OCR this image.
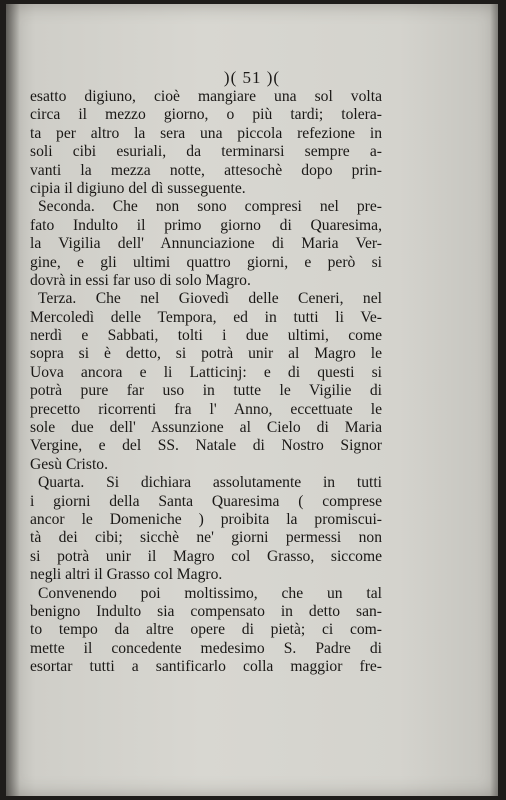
)( 51 )(
esatto digiuno, cioè mangiare una sol volta
circa il mezzo giorno, o più tardi; tolera-
ta per altro la sera una piccola refezione in
soli cibi esuriali, da terminarsi sempre a-
vanti la mezza notte, attesochè dopo prin-
cipia il digiuno del dì susseguente.
Seconda. Che non sono compresi nel pre-
fato Indulto il primo giorno di Quaresima,
la Vigilia dell' Annunciazione di Maria Ver-
gine, e gli ultimi quattro giorni, e però si
dovrà in essi far uso di solo Magro.
Terza. Che nel Giovedì delle Ceneri, nel
Mercoledì delle Tempora, ed in tutti li Ve-
nerdì e Sabbati, tolti i due ultimi, come
sopra si è detto, si potrà unir al Magro le
Uova ancora e li Latticinj: e di questi si
potrà pure far uso in tutte le Vigilie di
precetto ricorrenti fra l' Anno, eccettuate le
sole due dell' Assunzione al Cielo di Maria
Vergine, e del SS. Natale di Nostro Signor
Gesù Cristo.
Quarta. Si dichiara assolutamente in tutti
i giorni della Santa Quaresima ( comprese
ancor le Domeniche ) proibita la promiscui-
tà dei cibi; sicchè ne' giorni permessi non
si potrà unir il Magro col Grasso, siccome
negli altri il Grasso col Magro.
Convenendo poi moltissimo, che un tal
benigno Indulto sia compensato in detto san-
to tempo da altre opere di pietà; ci com-
mette il concedente medesimo S. Padre di
esortar tutti a santificarlo colla maggior fre-
